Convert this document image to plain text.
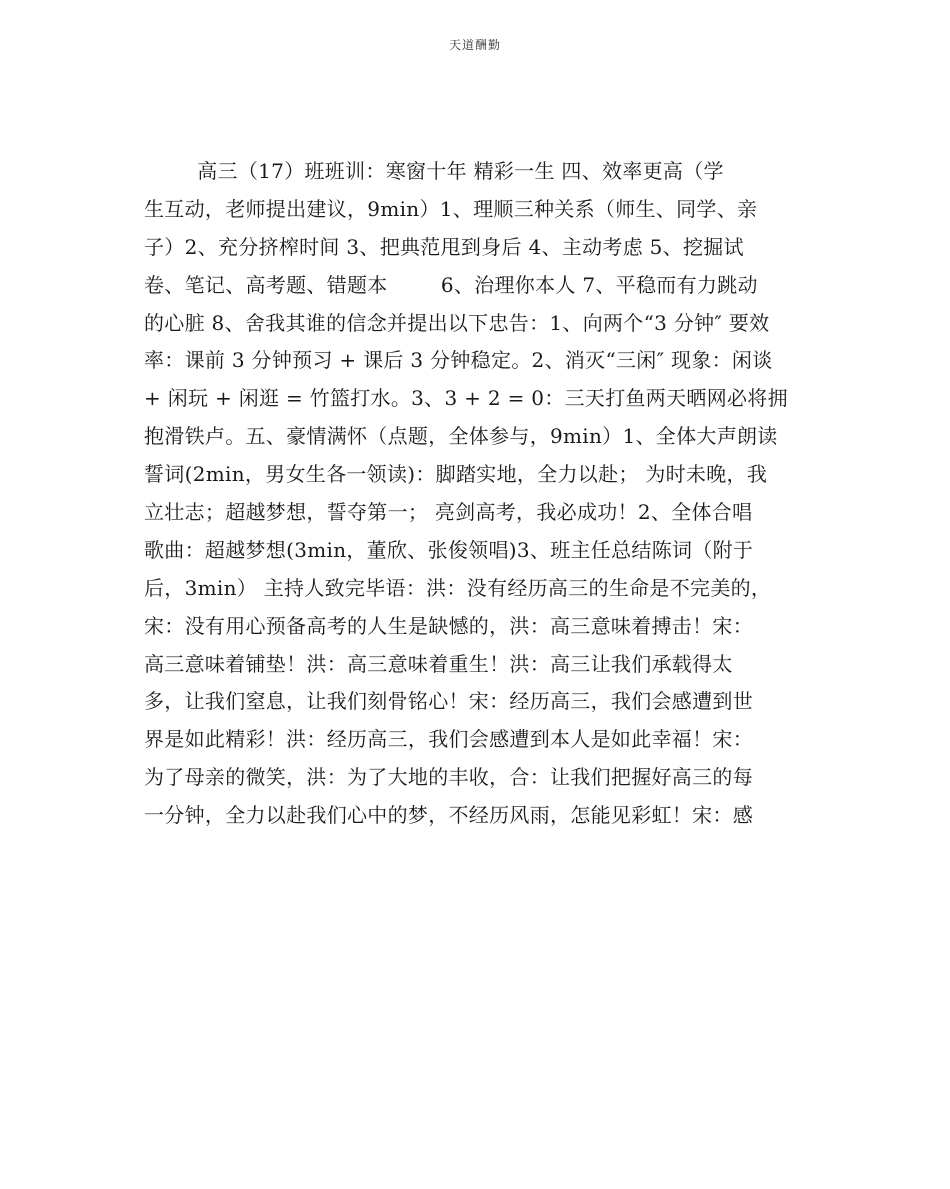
天道酬勤
高三（17）班班训：寒窗十年 精彩一生 四、效率更高（学
生互动，老师提出建议，9min）1、理顺三种关系（师生、同学、亲
子）2、充分挤榨时间 3、把典范甩到身后 4、主动考虑 5、挖掘试
卷、笔记、高考题、错题本        6、治理你本人 7、平稳而有力跳动
的心脏 8、舍我其谁的信念并提出以下忠告：1、向两个“3 分钟″ 要效
率：课前 3 分钟预习 + 课后 3 分钟稳定。2、消灭“三闲″ 现象：闲谈
+ 闲玩 + 闲逛 = 竹篮打水。3、3 + 2 = 0：三天打鱼两天晒网必将拥
抱滑铁卢。五、豪情满怀（点题，全体参与，9min）1、全体大声朗读
誓词(2min，男女生各一领读)：脚踏实地，全力以赴； 为时未晚，我
立壮志；超越梦想，誓夺第一； 亮剑高考，我必成功！2、全体合唱
歌曲：超越梦想(3min，董欣、张俊领唱)3、班主任总结陈词（附于
后，3min） 主持人致完毕语：洪：没有经历高三的生命是不完美的，
宋：没有用心预备高考的人生是缺憾的，洪：高三意味着搏击！宋：
高三意味着铺垫！洪：高三意味着重生！洪：高三让我们承载得太
多，让我们窒息，让我们刻骨铭心！宋：经历高三，我们会感遭到世
界是如此精彩！洪：经历高三，我们会感遭到本人是如此幸福！宋：
为了母亲的微笑，洪：为了大地的丰收，合：让我们把握好高三的每
一分钟，全力以赴我们心中的梦，不经历风雨，怎能见彩虹！宋：感
